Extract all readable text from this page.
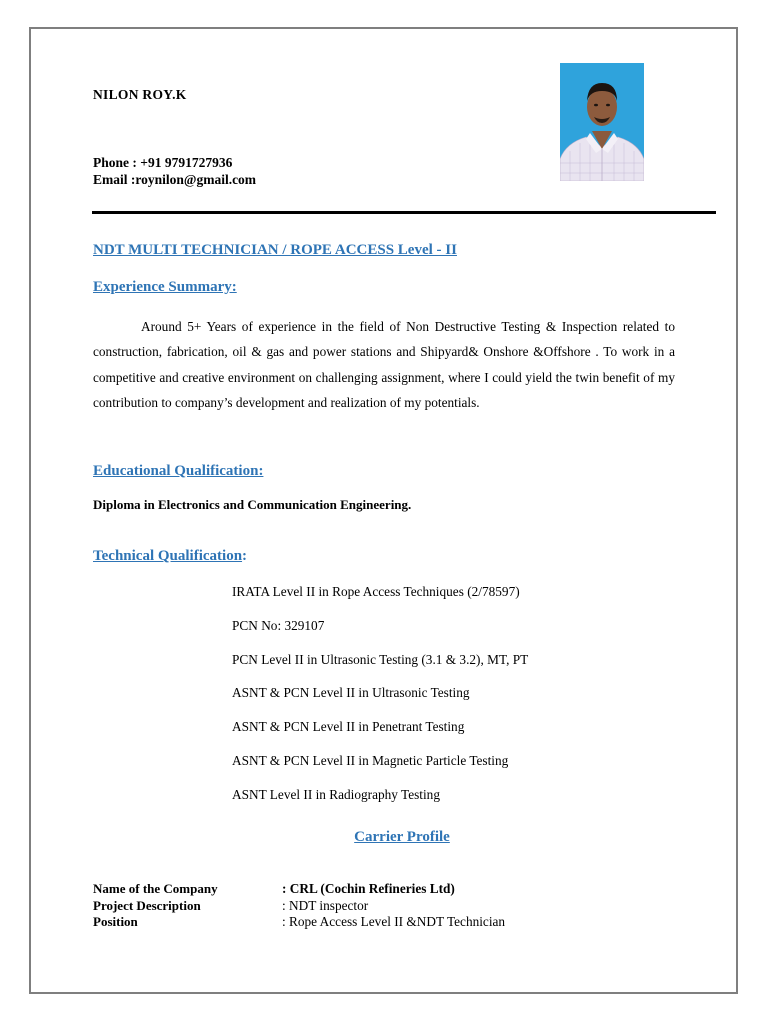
NILON ROY.K
Phone : +91 9791727936
Email :roynilon@gmail.com
NDT MULTI TECHNICIAN / ROPE ACCESS Level - II
Experience Summary:
Around 5+ Years of experience in the field of Non Destructive Testing & Inspection related to construction, fabrication, oil & gas and power stations and Shipyard& Onshore &Offshore . To work in a competitive and creative environment on challenging assignment, where I could yield the twin benefit of my contribution to company’s development and realization of my potentials.
Educational Qualification:
Diploma in Electronics and Communication Engineering.
Technical Qualification:
IRATA Level II in Rope Access Techniques (2/78597)
PCN No: 329107
PCN Level II in Ultrasonic Testing (3.1 & 3.2), MT, PT
ASNT & PCN Level II in Ultrasonic Testing
ASNT & PCN Level II in Penetrant Testing
ASNT & PCN Level II in Magnetic Particle Testing
ASNT Level II in Radiography Testing
Carrier Profile
Name of the Company	: CRL (Cochin Refineries Ltd)
Project Description	: NDT inspector
Position	: Rope Access Level II &NDT Technician
